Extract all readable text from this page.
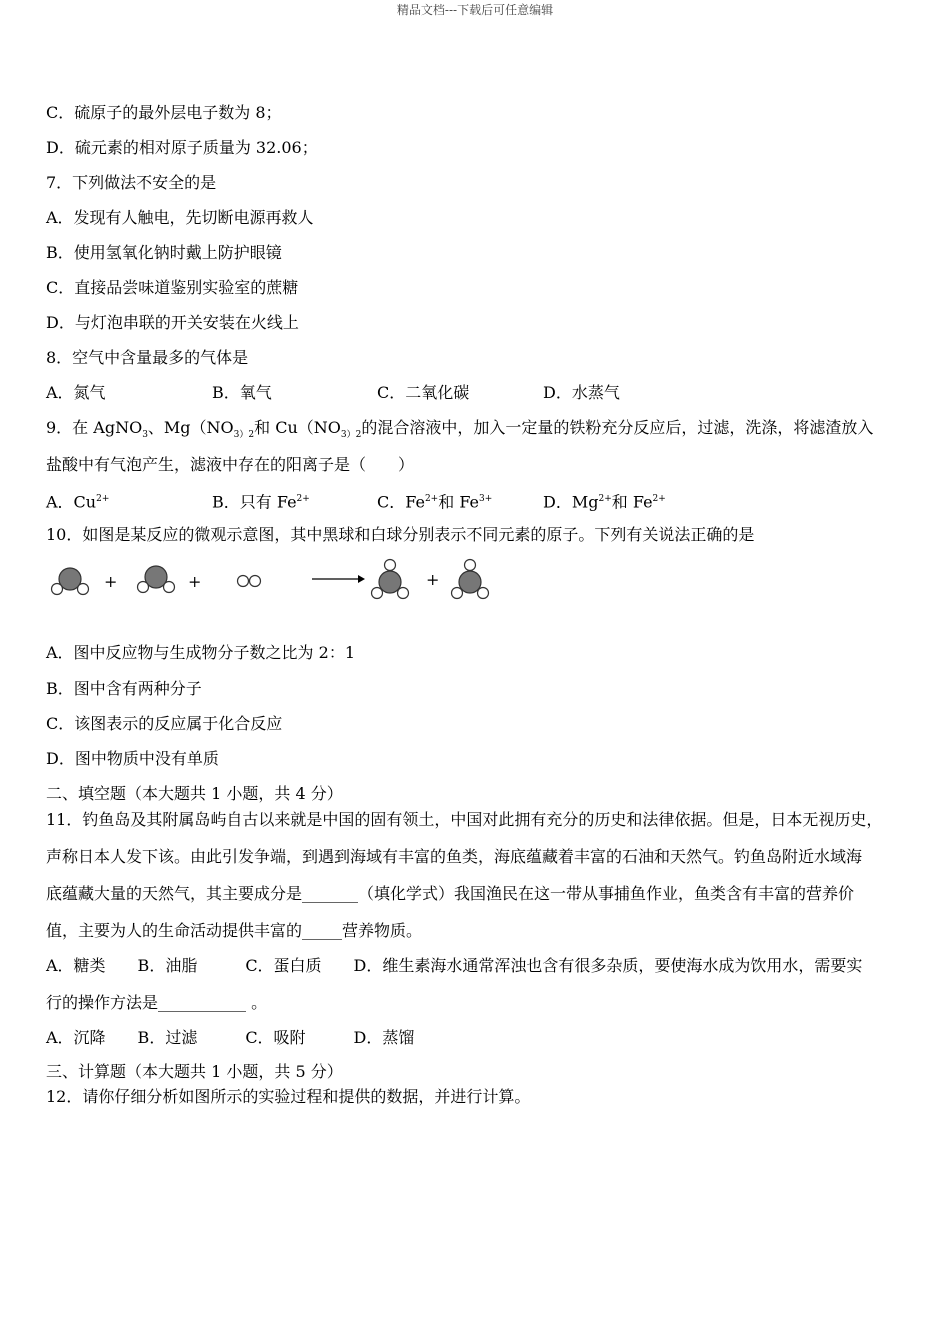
精品文档---下载后可任意编辑
C．硫原子的最外层电子数为 8；
D．硫元素的相对原子质量为 32.06；
7．下列做法不安全的是
A．发现有人触电，先切断电源再救人
B．使用氢氧化钠时戴上防护眼镜
C．直接品尝味道鉴别实验室的蔗糖
D．与灯泡串联的开关安装在火线上
8．空气中含量最多的气体是
A．氮气	B．氧气	C．二氧化碳	D．水蒸气
9．在 AgNO$_3$、$Mg(NO_{3)2}$和 $Cu(NO_{3)2}$的混合溶液中，加入一定量的铁粉充分反应后，过滤，洗涤，将滤渣放入
盐酸中有气泡产生，滤液中存在的阳离子是（　　）
A．$Cu^{2+}$	B．只有 $Fe^{2+}$	C．$Fe^{2+}$和 $Fe^{3+}$	D．$Mg^{2+}$和 $Fe^{2+}$
10．如图是某反应的微观示意图，其中黑球和白球分别表示不同元素的原子。下列有关说法正确的是
+	+	+
A．图中反应物与生成物分子数之比为 2：1
B．图中含有两种分子
C．该图表示的反应属于化合反应
D．图中物质中没有单质
二、填空题（本大题共 1 小题，共 4 分）
11．钓鱼岛及其附属岛屿自古以来就是中国的固有领土，中国对此拥有充分的历史和法律依据。但是，日本无视历史，
声称日本人发下该。由此引发争端，到遇到海域有丰富的鱼类，海底蕴藏着丰富的石油和天然气。钓鱼岛附近水域海
底蕴藏大量的天然气，其主要成分是_______（填化学式）我国渔民在这一带从事捕鱼作业，鱼类含有丰富的营养价
值，主要为人的生命活动提供丰富的_____营养物质。
A．糖类　　B．油脂　　　C．蛋白质　　D．维生素海水通常浑浊也含有很多杂质，要使海水成为饮用水，需要实
行的操作方法是___________ 。
A．沉降　　B．过滤　　　C．吸附　　　D．蒸馏
三、计算题（本大题共 1 小题，共 5 分）
12．请你仔细分析如图所示的实验过程和提供的数据，并进行计算。
